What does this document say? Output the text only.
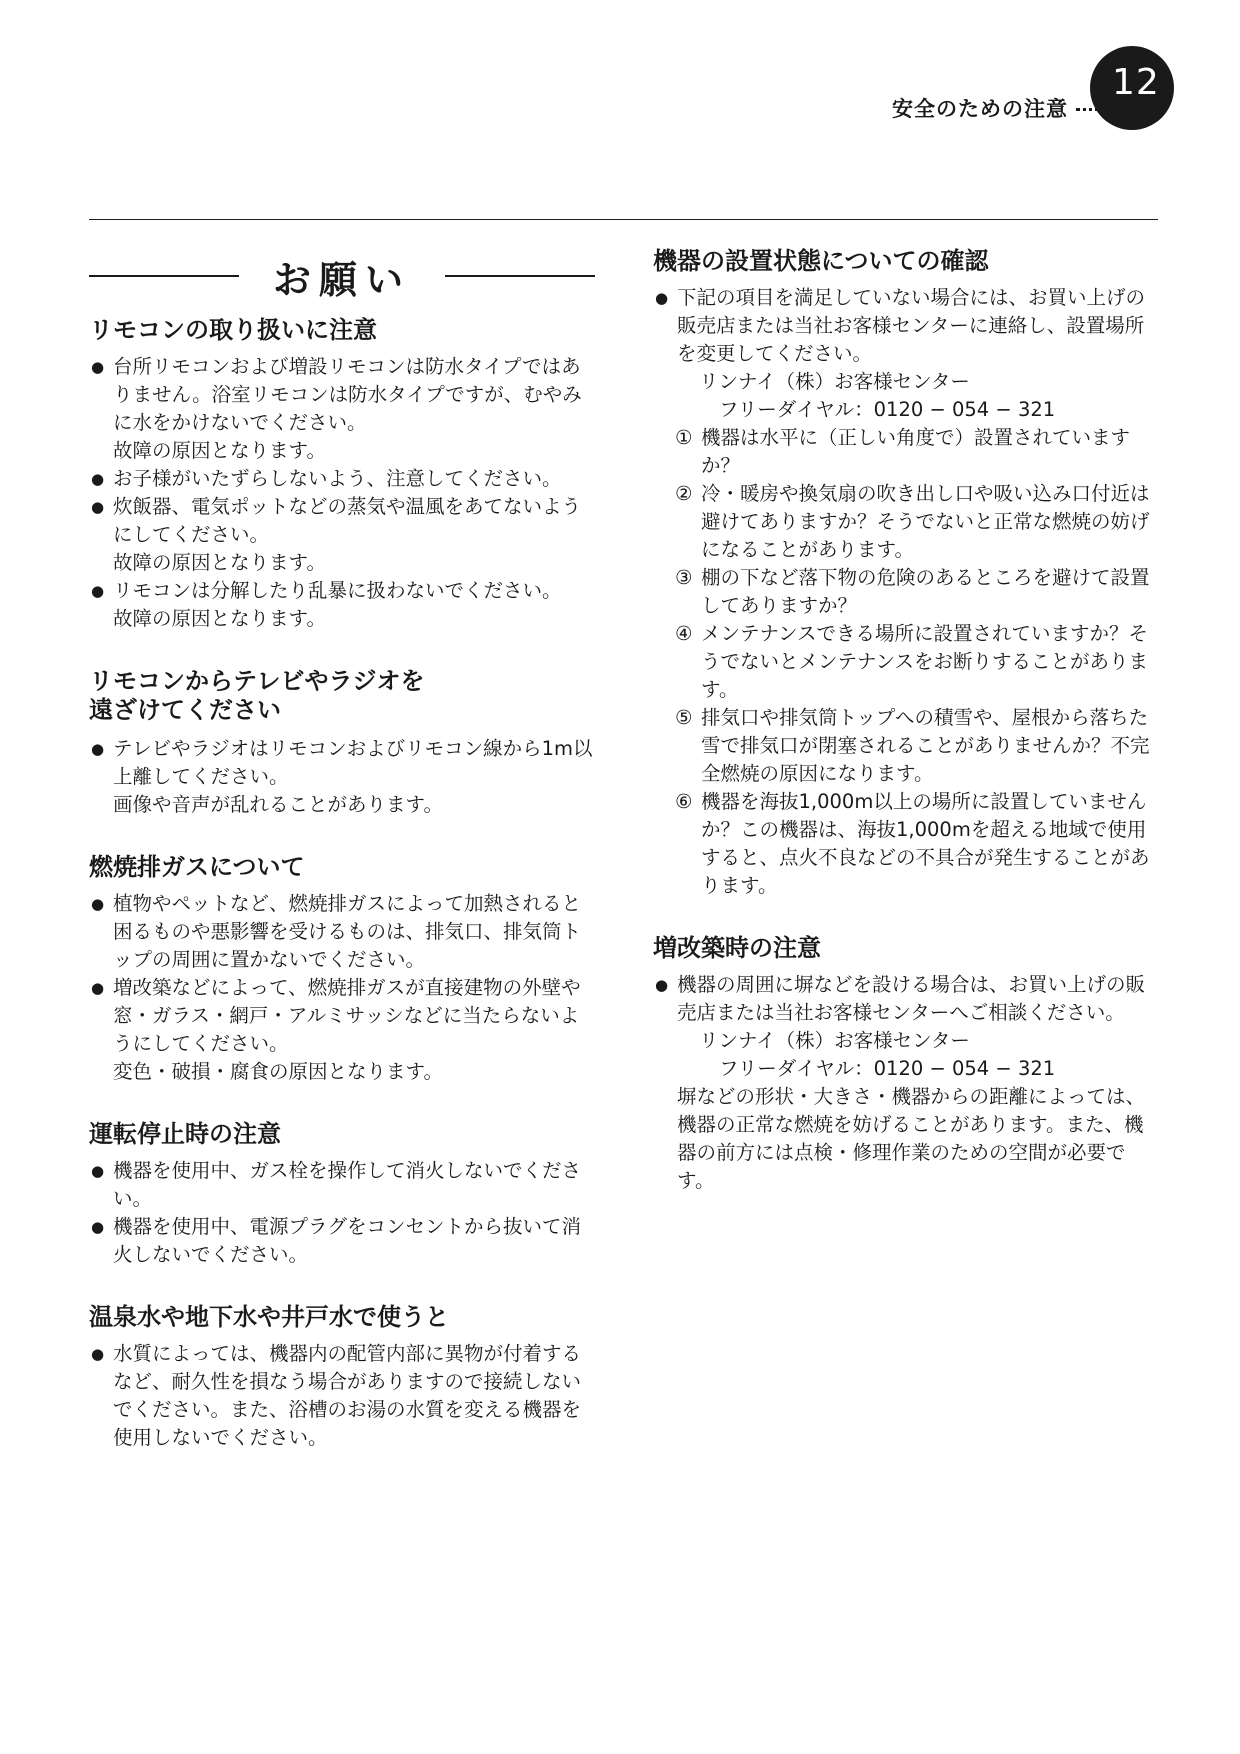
安全のための注意
12
お願い
リモコンの取り扱いに注意
● 台所リモコンおよび増設リモコンは防水タイプではありません。浴室リモコンは防水タイプですが、むやみに水をかけないでください。
故障の原因となります。
● お子様がいたずらしないよう、注意してください。
● 炊飯器、電気ポットなどの蒸気や温風をあてないようにしてください。
故障の原因となります。
● リモコンは分解したり乱暴に扱わないでください。
故障の原因となります。
リモコンからテレビやラジオを
遠ざけてください
● テレビやラジオはリモコンおよびリモコン線から1m以上離してください。
画像や音声が乱れることがあります。
燃焼排ガスについて
● 植物やペットなど、燃焼排ガスによって加熱されると困るものや悪影響を受けるものは、排気口、排気筒トップの周囲に置かないでください。
● 増改築などによって、燃焼排ガスが直接建物の外壁や窓・ガラス・網戸・アルミサッシなどに当たらないようにしてください。
変色・破損・腐食の原因となります。
運転停止時の注意
● 機器を使用中、ガス栓を操作して消火しないでください。
● 機器を使用中、電源プラグをコンセントから抜いて消火しないでください。
温泉水や地下水や井戸水で使うと
● 水質によっては、機器内の配管内部に異物が付着するなど、耐久性を損なう場合がありますので接続しないでください。また、浴槽のお湯の水質を変える機器を使用しないでください。
機器の設置状態についての確認
● 下記の項目を満足していない場合には、お買い上げの販売店または当社お客様センターに連絡し、設置場所を変更してください。
リンナイ（株）お客様センター
フリーダイヤル：0120 − 054 − 321
① 機器は水平に（正しい角度で）設置されていますか？
② 冷・暖房や換気扇の吹き出し口や吸い込み口付近は避けてありますか？そうでないと正常な燃焼の妨げになることがあります。
③ 棚の下など落下物の危険のあるところを避けて設置してありますか？
④ メンテナンスできる場所に設置されていますか？そうでないとメンテナンスをお断りすることがあります。
⑤ 排気口や排気筒トップへの積雪や、屋根から落ちた雪で排気口が閉塞されることがありませんか？不完全燃焼の原因になります。
⑥ 機器を海抜1,000m以上の場所に設置していませんか？この機器は、海抜1,000mを超える地域で使用すると、点火不良などの不具合が発生することがあります。
増改築時の注意
● 機器の周囲に塀などを設ける場合は、お買い上げの販売店または当社お客様センターへご相談ください。
リンナイ（株）お客様センター
フリーダイヤル：0120 − 054 − 321
塀などの形状・大きさ・機器からの距離によっては、機器の正常な燃焼を妨げることがあります。また、機器の前方には点検・修理作業のための空間が必要です。
